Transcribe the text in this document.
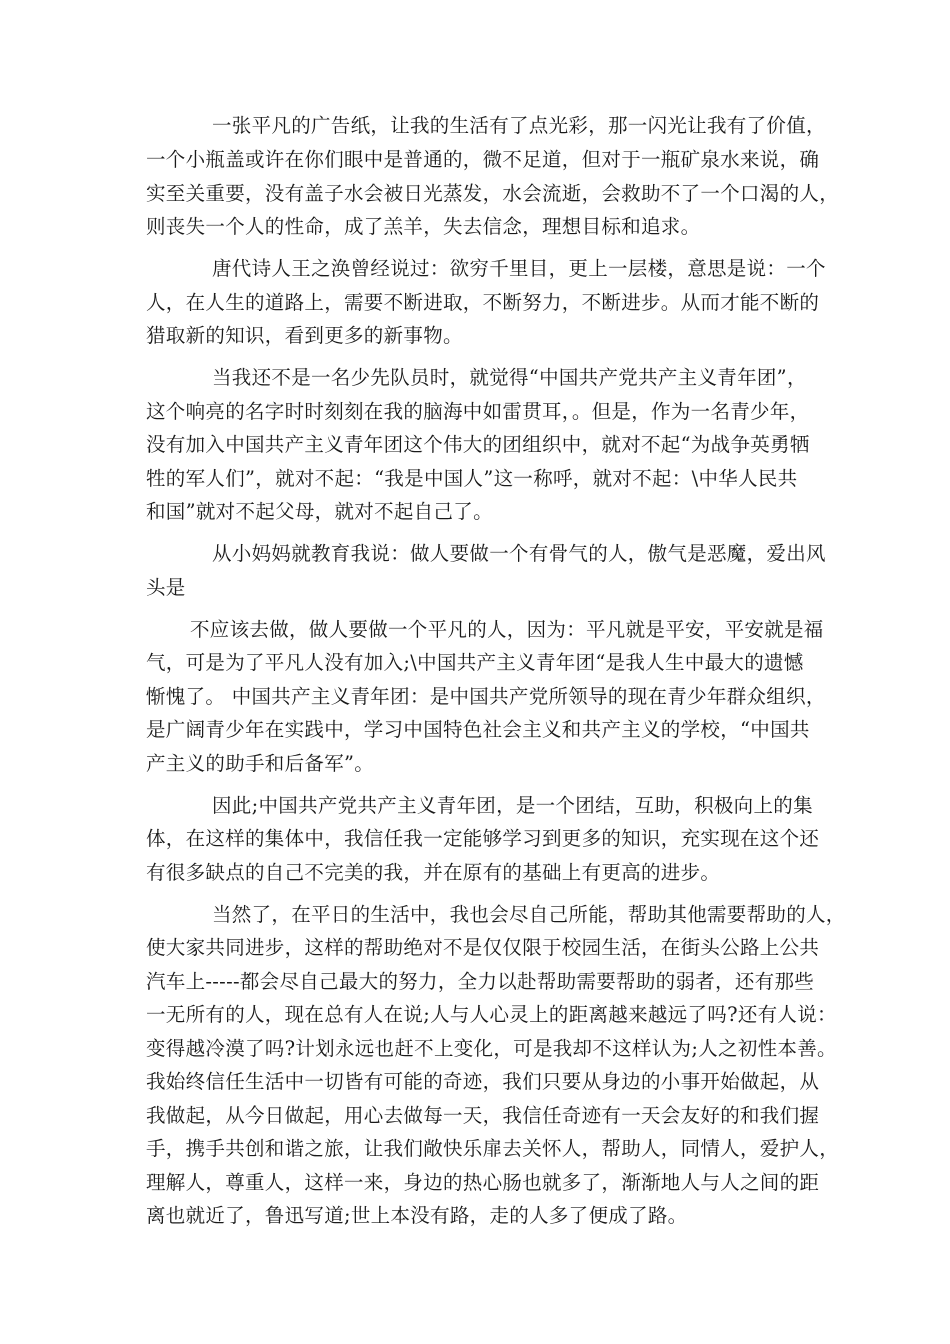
一张平凡的广告纸，让我的生活有了点光彩，那一闪光让我有了价值，
一个小瓶盖或许在你们眼中是普通的，微不足道，但对于一瓶矿泉水来说，确
实至关重要，没有盖子水会被日光蒸发，水会流逝，会救助不了一个口渴的人，
则丧失一个人的性命，成了羔羊，失去信念，理想目标和追求。
唐代诗人王之涣曾经说过：欲穷千里目，更上一层楼，意思是说：一个
人，在人生的道路上，需要不断进取，不断努力，不断进步。从而才能不断的
猎取新的知识，看到更多的新事物。
当我还不是一名少先队员时，就觉得“中国共产党共产主义青年团”，
这个响亮的名字时时刻刻在我的脑海中如雷贯耳，。但是，作为一名青少年，
没有加入中国共产主义青年团这个伟大的团组织中，就对不起“为战争英勇牺
牲的军人们”，就对不起：“我是中国人”这一称呼，就对不起：\中华人民共
和国”就对不起父母，就对不起自己了。
从小妈妈就教育我说：做人要做一个有骨气的人，傲气是恶魔，爱出风
头是
不应该去做，做人要做一个平凡的人，因为：平凡就是平安，平安就是福
气，可是为了平凡人没有加入;\中国共产主义青年团“是我人生中最大的遗憾
惭愧了。 中国共产主义青年团：是中国共产党所领导的现在青少年群众组织，
是广阔青少年在实践中，学习中国特色社会主义和共产主义的学校，“中国共
产主义的助手和后备军”。
因此;中国共产党共产主义青年团，是一个团结，互助，积极向上的集
体，在这样的集体中，我信任我一定能够学习到更多的知识，充实现在这个还
有很多缺点的自己不完美的我，并在原有的基础上有更高的进步。
当然了，在平日的生活中，我也会尽自己所能，帮助其他需要帮助的人，
使大家共同进步，这样的帮助绝对不是仅仅限于校园生活，在街头公路上公共
汽车上-----都会尽自己最大的努力，全力以赴帮助需要帮助的弱者，还有那些
一无所有的人，现在总有人在说;人与人心灵上的距离越来越远了吗?还有人说：
变得越冷漠了吗?计划永远也赶不上变化，可是我却不这样认为;人之初性本善。
我始终信任生活中一切皆有可能的奇迹，我们只要从身边的小事开始做起，从
我做起，从今日做起，用心去做每一天，我信任奇迹有一天会友好的和我们握
手，携手共创和谐之旅，让我们敞快乐扉去关怀人，帮助人，同情人，爱护人，
理解人，尊重人，这样一来，身边的热心肠也就多了，渐渐地人与人之间的距
离也就近了，鲁迅写道;世上本没有路，走的人多了便成了路。
